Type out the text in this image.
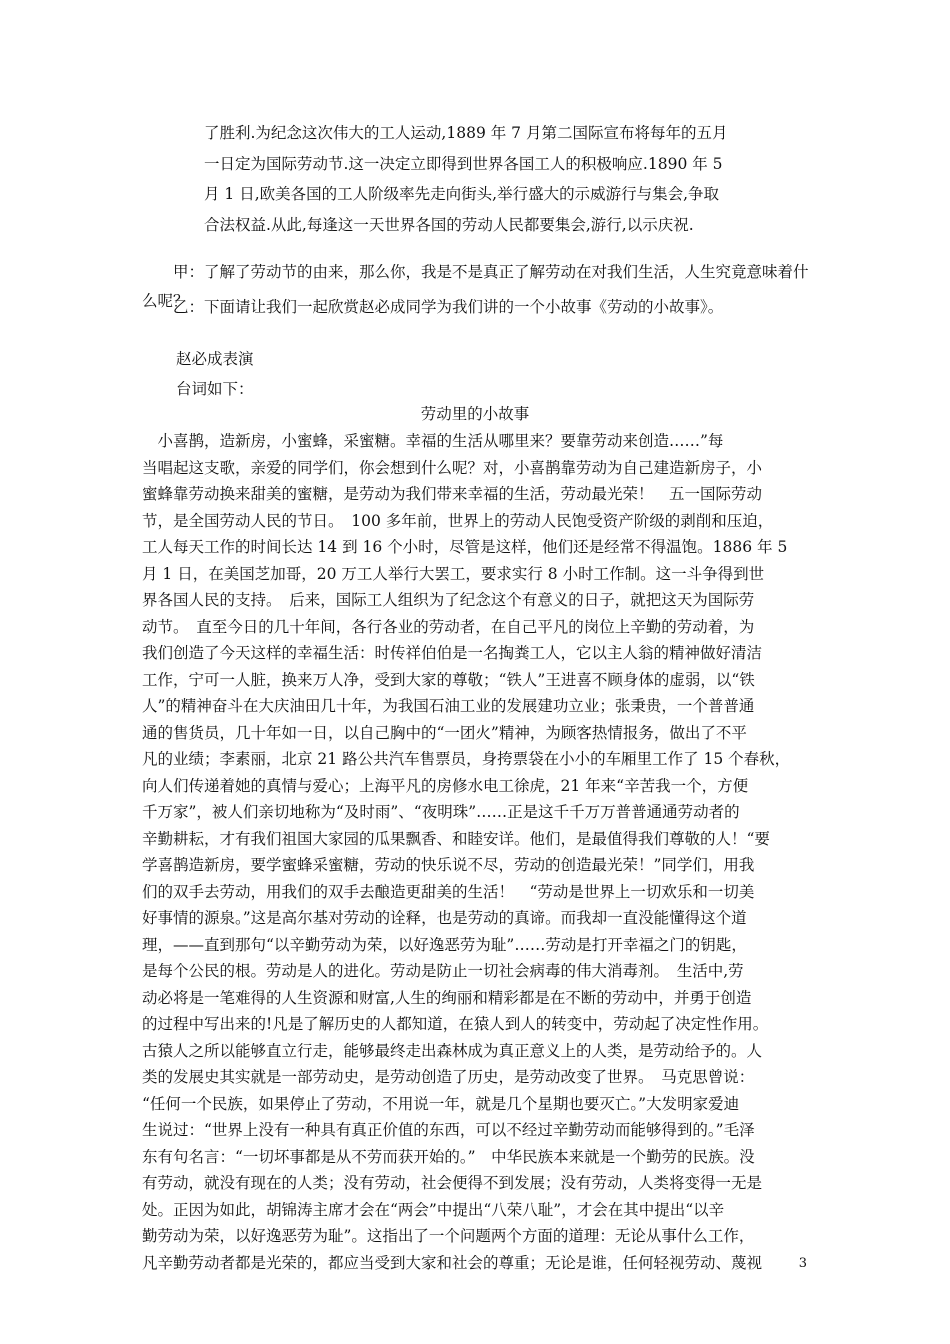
了胜利.为纪念这次伟大的工人运动,1889 年 7 月第二国际宣布将每年的五月

一日定为国际劳动节.这一决定立即得到世界各国工人的积极响应.1890 年 5

月 1 日,欧美各国的工人阶级率先走向街头,举行盛大的示威游行与集会,争取

合法权益.从此,每逢这一天世界各国的劳动人民都要集会,游行,以示庆祝.

甲：了解了劳动节的由来，那么你，我是不是真正了解劳动在对我们生活，人生究竟意味着什么呢？

乙：下面请让我们一起欣赏赵必成同学为我们讲的一个小故事《劳动的小故事》。

赵必成表演

台词如下：

劳动里的小故事

　小喜鹊，造新房，小蜜蜂，采蜜糖。幸福的生活从哪里来？要靠劳动来创造……”每

当唱起这支歌，亲爱的同学们，你会想到什么呢？对，小喜鹊靠劳动为自己建造新房子，小

蜜蜂靠劳动换来甜美的蜜糖，是劳动为我们带来幸福的生活，劳动最光荣！　五一国际劳动

节，是全国劳动人民的节日。　100 多年前，世界上的劳动人民饱受资产阶级的剥削和压迫，

工人每天工作的时间长达 14 到 16 个小时，尽管是这样，他们还是经常不得温饱。1886 年 5

月 1 日，在美国芝加哥，20 万工人举行大罢工，要求实行 8 小时工作制。这一斗争得到世

界各国人民的支持。　后来，国际工人组织为了纪念这个有意义的日子，就把这天为国际劳

动节。　直至今日的几十年间，各行各业的劳动者，在自己平凡的岗位上辛勤的劳动着，为

我们创造了今天这样的幸福生活：时传祥伯伯是一名掏粪工人，它以主人翁的精神做好清洁

工作，宁可一人脏，换来万人净，受到大家的尊敬；“铁人”王进喜不顾身体的虚弱，以“铁

人”的精神奋斗在大庆油田几十年，为我国石油工业的发展建功立业；张秉贵，一个普普通

通的售货员，几十年如一日，以自己胸中的“一团火”精神，为顾客热情报务，做出了不平

凡的业绩；李素丽，北京 21 路公共汽车售票员，身挎票袋在小小的车厢里工作了 15 个春秋，

向人们传递着她的真情与爱心；上海平凡的房修水电工徐虎，21 年来“辛苦我一个，方便

千万家”，被人们亲切地称为“及时雨”、“夜明珠”……正是这千千万万普普通通劳动者的

辛勤耕耘，才有我们祖国大家园的瓜果飘香、和睦安详。他们，是最值得我们尊敬的人！“要

学喜鹊造新房，要学蜜蜂采蜜糖，劳动的快乐说不尽，劳动的创造最光荣！”同学们，用我

们的双手去劳动，用我们的双手去酿造更甜美的生活！　“劳动是世界上一切欢乐和一切美

好事情的源泉。”这是高尔基对劳动的诠释，也是劳动的真谛。而我却一直没能懂得这个道

理，——直到那句“以辛勤劳动为荣，以好逸恶劳为耻”……劳动是打开幸福之门的钥匙，

是每个公民的根。劳动是人的进化。劳动是防止一切社会病毒的伟大消毒剂。　生活中,劳

动必将是一笔难得的人生资源和财富,人生的绚丽和精彩都是在不断的劳动中，并勇于创造

的过程中写出来的!凡是了解历史的人都知道，在猿人到人的转变中，劳动起了决定性作用。

古猿人之所以能够直立行走，能够最终走出森林成为真正意义上的人类，是劳动给予的。人

类的发展史其实就是一部劳动史，是劳动创造了历史，是劳动改变了世界。　马克思曾说：

“任何一个民族，如果停止了劳动，不用说一年，就是几个星期也要灭亡。”大发明家爱迪

生说过：“世界上没有一种具有真正价值的东西，可以不经过辛勤劳动而能够得到的。”毛泽

东有句名言：“一切坏事都是从不劳而获开始的。”　中华民族本来就是一个勤劳的民族。没

有劳动，就没有现在的人类；没有劳动，社会便得不到发展；没有劳动，人类将变得一无是

处。正因为如此，胡锦涛主席才会在“两会”中提出“八荣八耻”，才会在其中提出“以辛

勤劳动为荣，以好逸恶劳为耻”。这指出了一个问题两个方面的道理：无论从事什么工作，

凡辛勤劳动者都是光荣的，都应当受到大家和社会的尊重；无论是谁，任何轻视劳动、蔑视	3
